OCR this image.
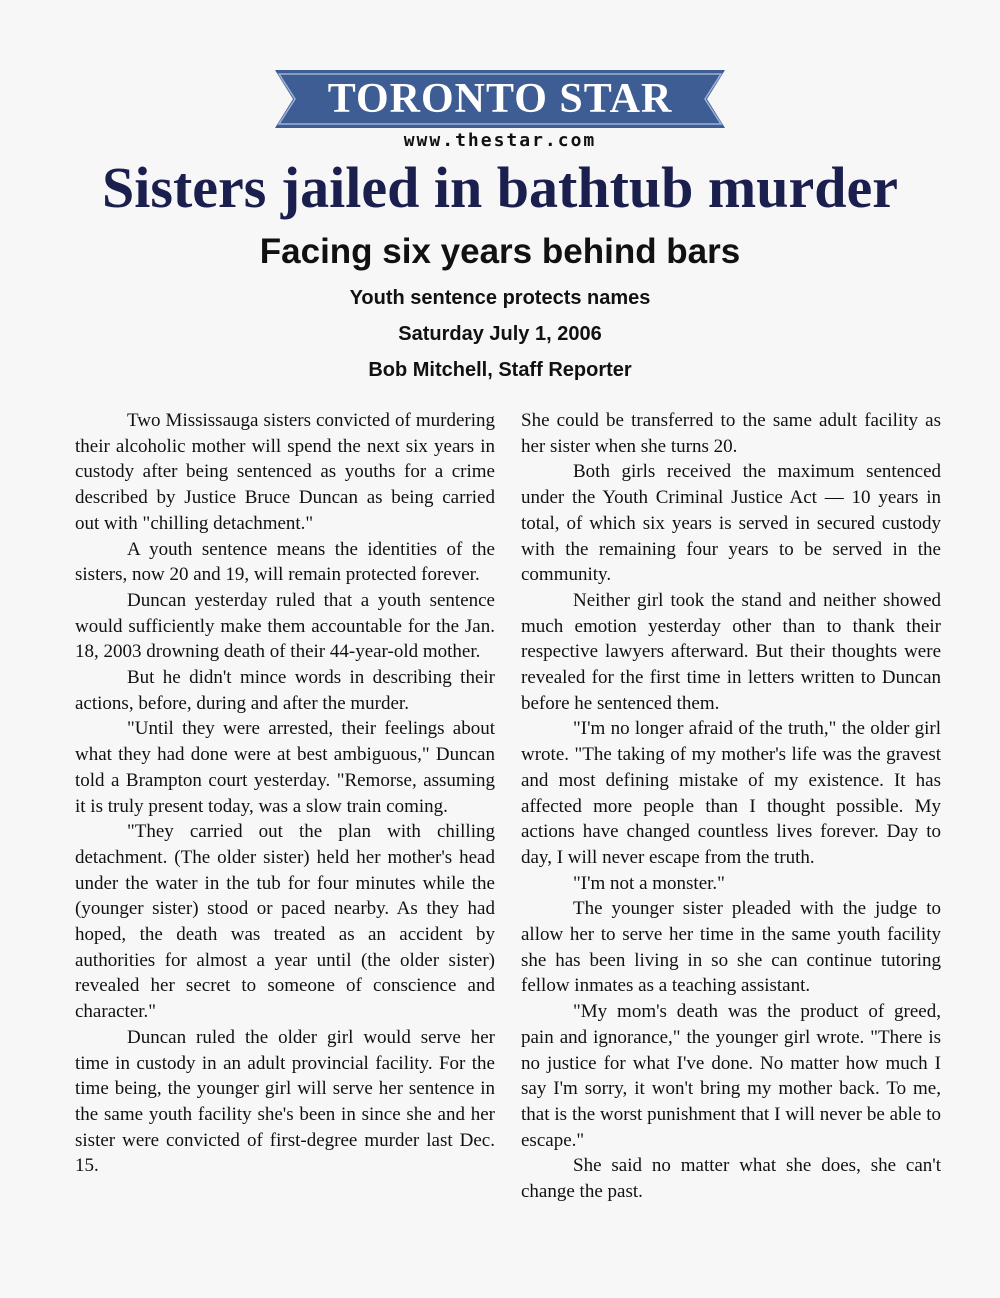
TORONTO STAR
www.thestar.com
Sisters jailed in bathtub murder
Facing six years behind bars
Youth sentence protects names
Saturday July 1, 2006
Bob Mitchell, Staff Reporter

Two Mississauga sisters convicted of murdering their alcoholic mother will spend the next six years in custody after being sentenced as youths for a crime described by Justice Bruce Duncan as being carried out with "chilling detachment."

A youth sentence means the identities of the sisters, now 20 and 19, will remain protected forever.

Duncan yesterday ruled that a youth sentence would sufficiently make them accountable for the Jan. 18, 2003 drowning death of their 44-year-old mother.

But he didn't mince words in describing their actions, before, during and after the murder.

"Until they were arrested, their feelings about what they had done were at best ambiguous," Duncan told a Brampton court yesterday. "Remorse, assuming it is truly present today, was a slow train coming.

"They carried out the plan with chilling detachment. (The older sister) held her mother's head under the water in the tub for four minutes while the (younger sister) stood or paced nearby. As they had hoped, the death was treated as an accident by authorities for almost a year until (the older sister) revealed her secret to someone of conscience and character."

Duncan ruled the older girl would serve her time in custody in an adult provincial facility. For the time being, the younger girl will serve her sentence in the same youth facility she's been in since she and her sister were convicted of first-degree murder last Dec. 15.

She could be transferred to the same adult facility as her sister when she turns 20.

Both girls received the maximum sentenced under the Youth Criminal Justice Act — 10 years in total, of which six years is served in secured custody with the remaining four years to be served in the community.

Neither girl took the stand and neither showed much emotion yesterday other than to thank their respective lawyers afterward. But their thoughts were revealed for the first time in letters written to Duncan before he sentenced them.

"I'm no longer afraid of the truth," the older girl wrote. "The taking of my mother's life was the gravest and most defining mistake of my existence. It has affected more people than I thought possible. My actions have changed countless lives forever. Day to day, I will never escape from the truth.

"I'm not a monster."

The younger sister pleaded with the judge to allow her to serve her time in the same youth facility she has been living in so she can continue tutoring fellow inmates as a teaching assistant.

"My mom's death was the product of greed, pain and ignorance," the younger girl wrote. "There is no justice for what I've done. No matter how much I say I'm sorry, it won't bring my mother back. To me, that is the worst punishment that I will never be able to escape."

She said no matter what she does, she can't change the past.
